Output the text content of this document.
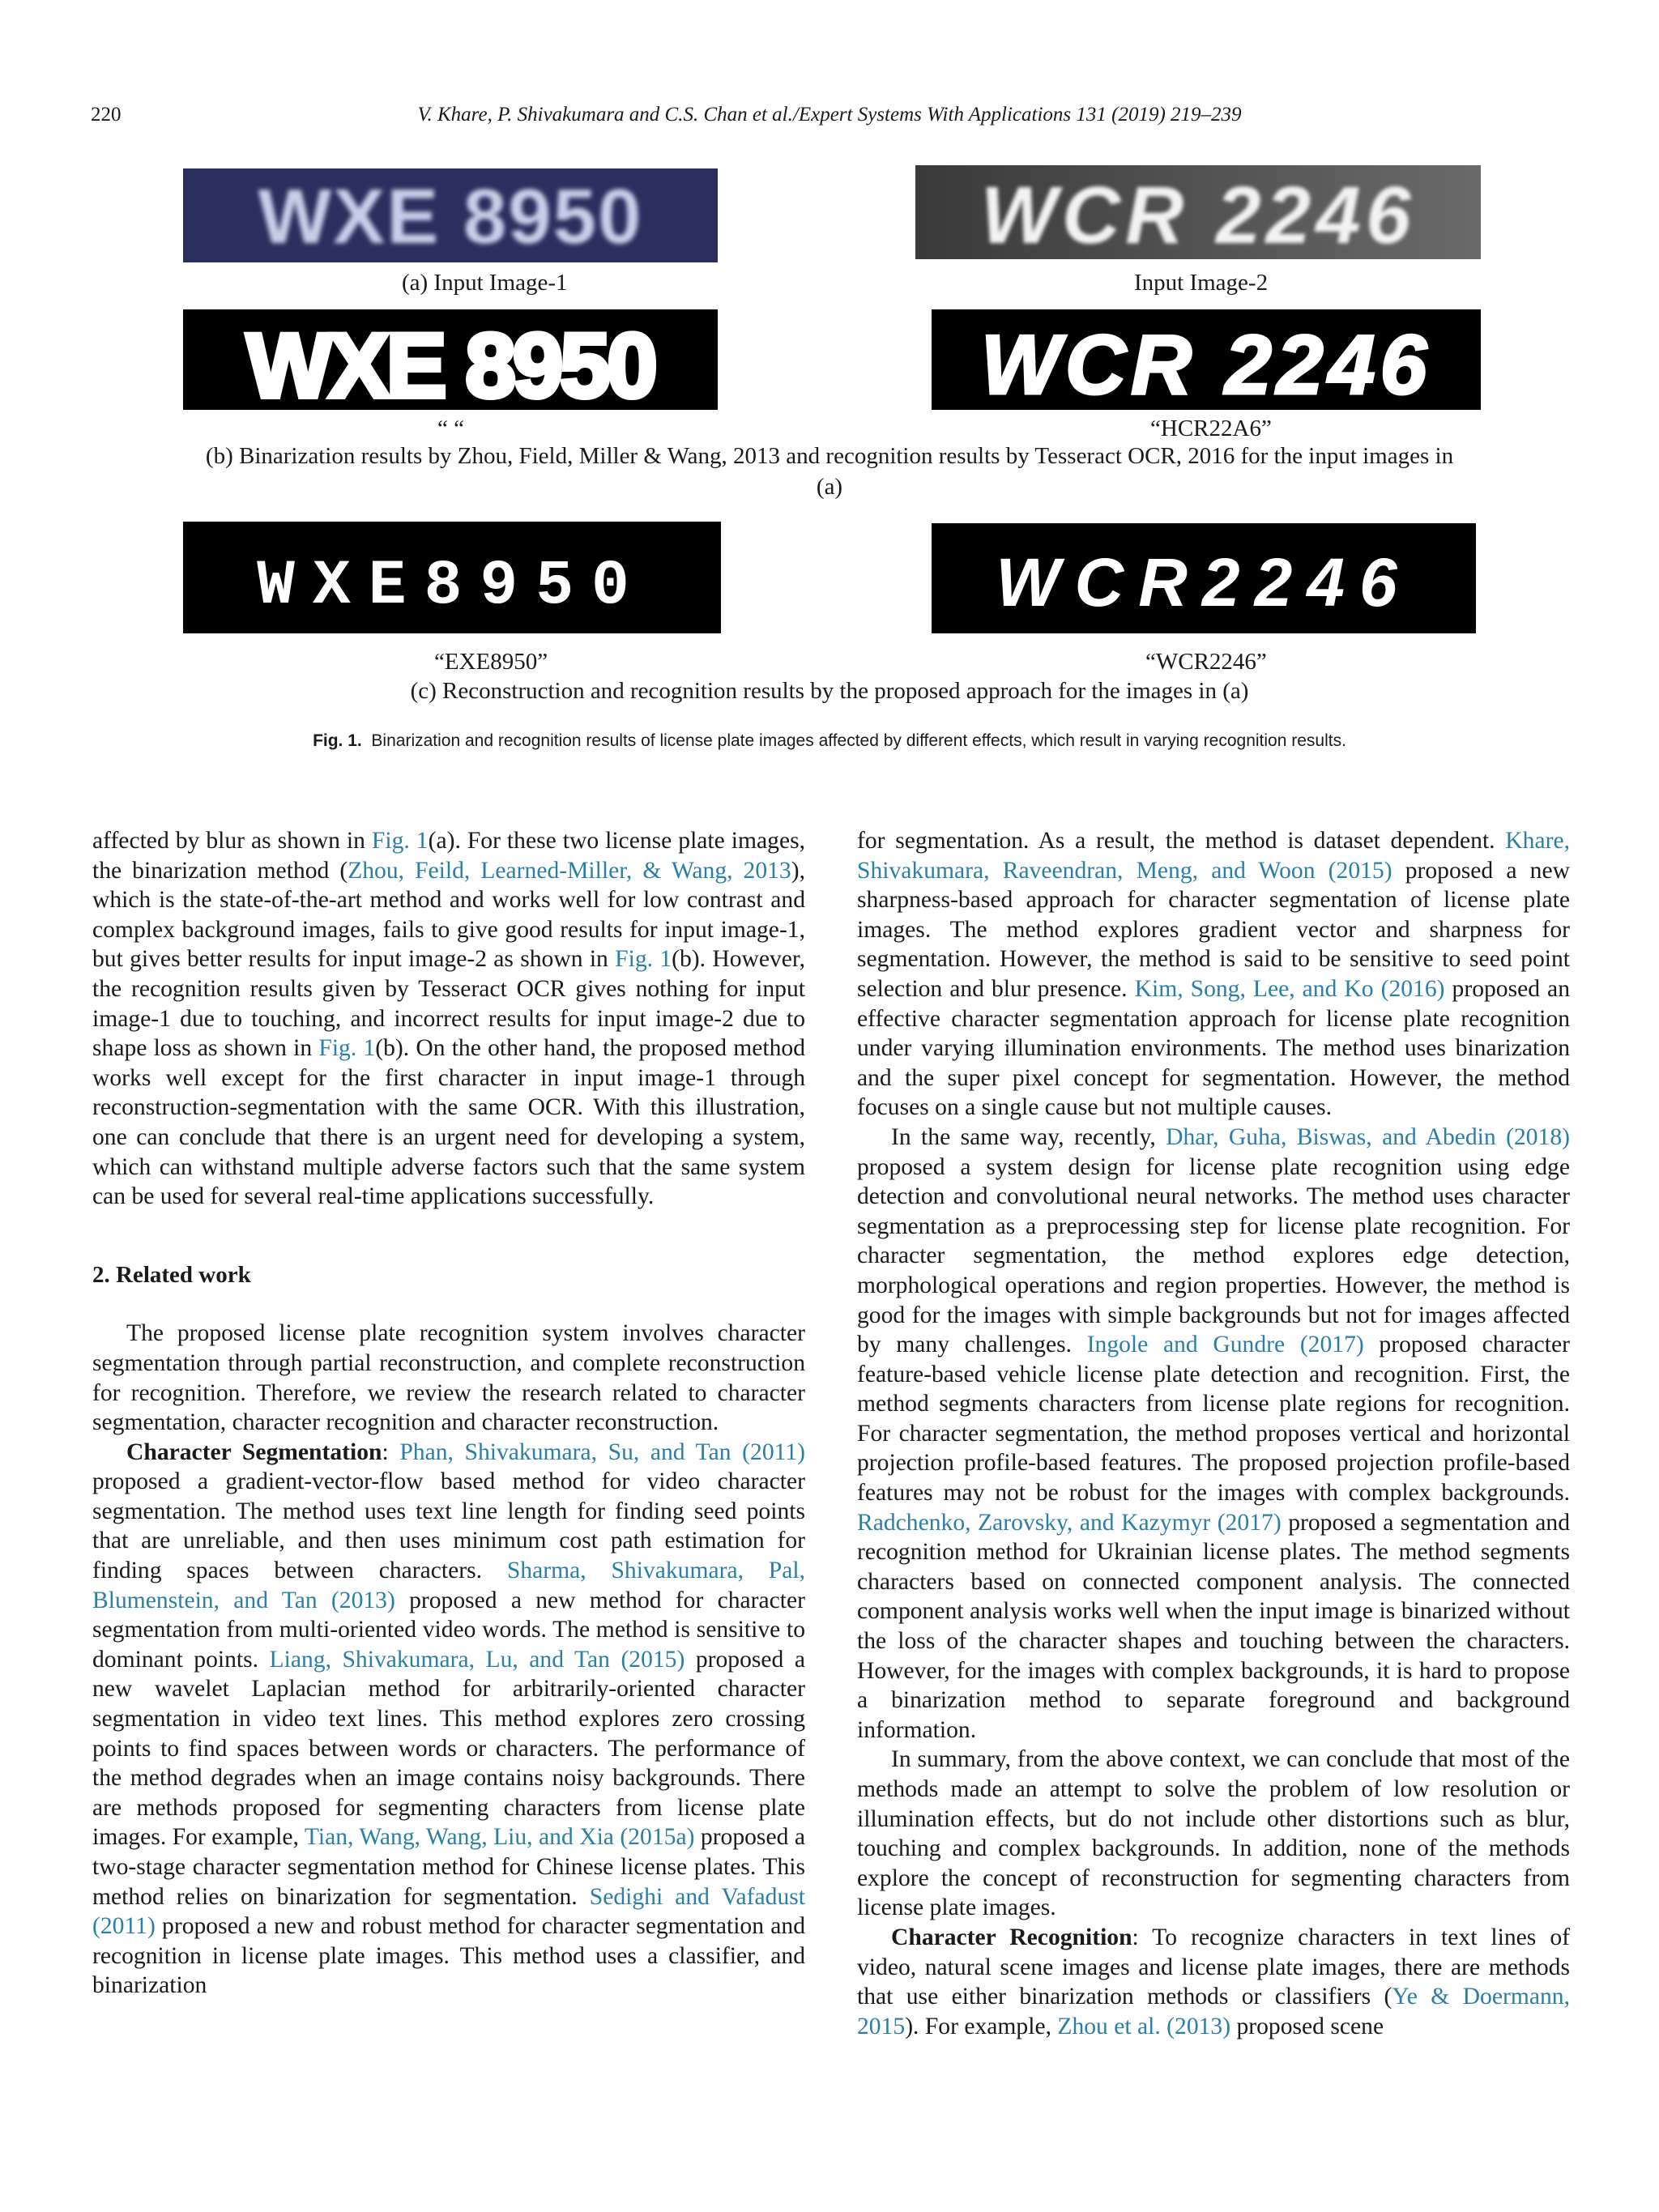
220	V. Khare, P. Shivakumara and C.S. Chan et al./Expert Systems With Applications 131 (2019) 219–239
WXE 8950	WCR 2246
(a) Input Image-1	Input Image-2
WXE 8950	WCR 2246
“ “	“HCR22A6”
(b) Binarization results by Zhou, Field, Miller & Wang, 2013 and recognition results by Tesseract OCR, 2016 for the input images in (a)
WXE8950	WCR2246
“EXE8950”	“WCR2246”
(c) Reconstruction and recognition results by the proposed approach for the images in (a)
Fig. 1. Binarization and recognition results of license plate images affected by different effects, which result in varying recognition results.

affected by blur as shown in Fig. 1(a). For these two license plate images, the binarization method (Zhou, Feild, Learned-Miller, & Wang, 2013), which is the state-of-the-art method and works well for low contrast and complex background images, fails to give good results for input image-1, but gives better results for input image-2 as shown in Fig. 1(b). However, the recognition results given by Tesseract OCR gives nothing for input image-1 due to touching, and incorrect results for input image-2 due to shape loss as shown in Fig. 1(b). On the other hand, the proposed method works well except for the first character in input image-1 through reconstruction-segmentation with the same OCR. With this illustration, one can conclude that there is an urgent need for developing a system, which can withstand multiple adverse factors such that the same system can be used for several real-time applications successfully.

2. Related work

The proposed license plate recognition system involves character segmentation through partial reconstruction, and complete reconstruction for recognition. Therefore, we review the research related to character segmentation, character recognition and character reconstruction.

Character Segmentation: Phan, Shivakumara, Su, and Tan (2011) proposed a gradient-vector-flow based method for video character segmentation. The method uses text line length for finding seed points that are unreliable, and then uses minimum cost path estimation for finding spaces between characters. Sharma, Shivakumara, Pal, Blumenstein, and Tan (2013) proposed a new method for character segmentation from multi-oriented video words. The method is sensitive to dominant points. Liang, Shivakumara, Lu, and Tan (2015) proposed a new wavelet Laplacian method for arbitrarily-oriented character segmentation in video text lines. This method explores zero crossing points to find spaces between words or characters. The performance of the method degrades when an image contains noisy backgrounds. There are methods proposed for segmenting characters from license plate images. For example, Tian, Wang, Wang, Liu, and Xia (2015a) proposed a two-stage character segmentation method for Chinese license plates. This method relies on binarization for segmentation. Sedighi and Vafadust (2011) proposed a new and robust method for character segmentation and recognition in license plate images. This method uses a classifier, and binarization

for segmentation. As a result, the method is dataset dependent. Khare, Shivakumara, Raveendran, Meng, and Woon (2015) proposed a new sharpness-based approach for character segmentation of license plate images. The method explores gradient vector and sharpness for segmentation. However, the method is said to be sensitive to seed point selection and blur presence. Kim, Song, Lee, and Ko (2016) proposed an effective character segmentation approach for license plate recognition under varying illumination environments. The method uses binarization and the super pixel concept for segmentation. However, the method focuses on a single cause but not multiple causes.

In the same way, recently, Dhar, Guha, Biswas, and Abedin (2018) proposed a system design for license plate recognition using edge detection and convolutional neural networks. The method uses character segmentation as a preprocessing step for license plate recognition. For character segmentation, the method explores edge detection, morphological operations and region properties. However, the method is good for the images with simple backgrounds but not for images affected by many challenges. Ingole and Gundre (2017) proposed character feature-based vehicle license plate detection and recognition. First, the method segments characters from license plate regions for recognition. For character segmentation, the method proposes vertical and horizontal projection profile-based features. The proposed projection profile-based features may not be robust for the images with complex backgrounds. Radchenko, Zarovsky, and Kazymyr (2017) proposed a segmentation and recognition method for Ukrainian license plates. The method segments characters based on connected component analysis. The connected component analysis works well when the input image is binarized without the loss of the character shapes and touching between the characters. However, for the images with complex backgrounds, it is hard to propose a binarization method to separate foreground and background information.

In summary, from the above context, we can conclude that most of the methods made an attempt to solve the problem of low resolution or illumination effects, but do not include other distortions such as blur, touching and complex backgrounds. In addition, none of the methods explore the concept of reconstruction for segmenting characters from license plate images.

Character Recognition: To recognize characters in text lines of video, natural scene images and license plate images, there are methods that use either binarization methods or classifiers (Ye & Doermann, 2015). For example, Zhou et al. (2013) proposed scene
